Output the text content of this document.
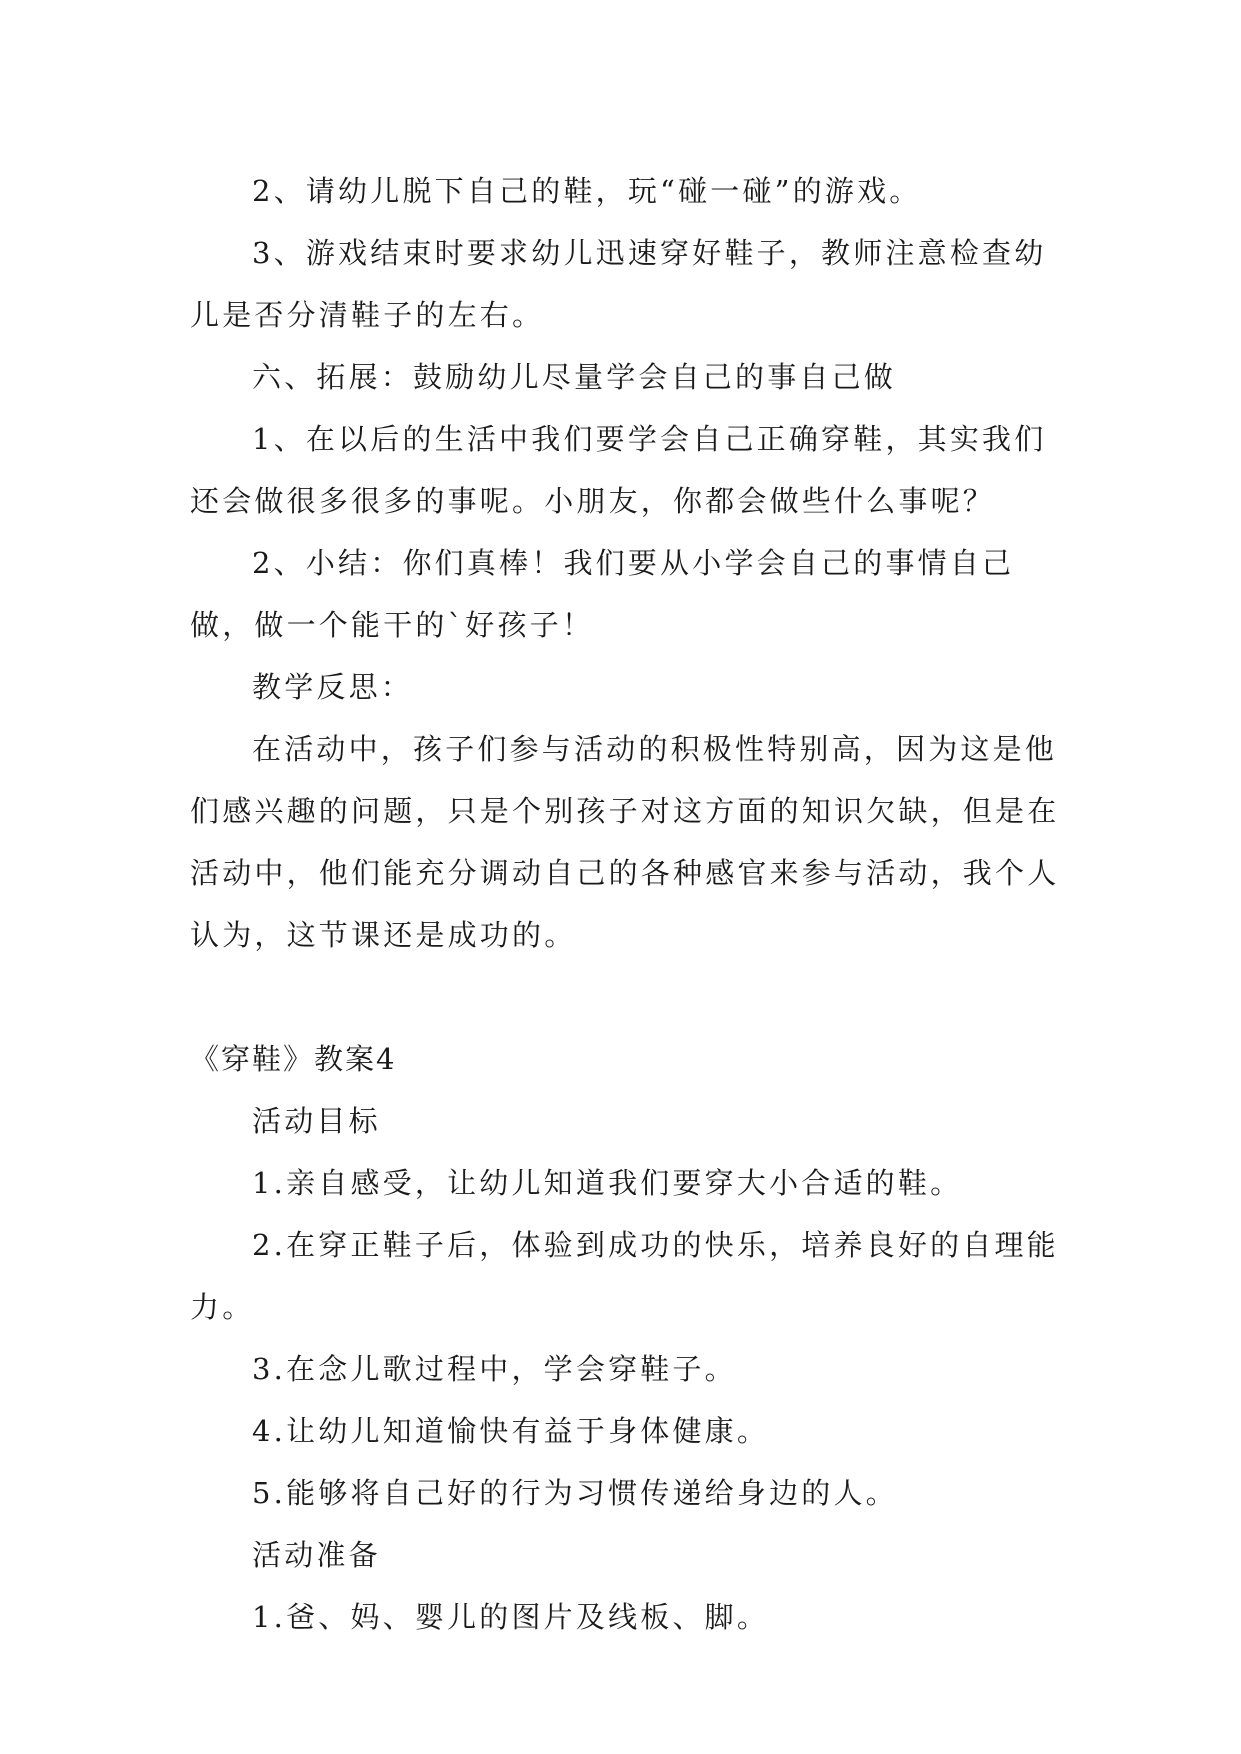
2、请幼儿脱下自己的鞋，玩“碰一碰”的游戏。

3、游戏结束时要求幼儿迅速穿好鞋子，教师注意检查幼儿是否分清鞋子的左右。

六、拓展：鼓励幼儿尽量学会自己的事自己做

1、在以后的生活中我们要学会自己正确穿鞋，其实我们还会做很多很多的事呢。小朋友，你都会做些什么事呢？

2、小结：你们真棒！我们要从小学会自己的事情自己做，做一个能干的`好孩子！

教学反思：

在活动中，孩子们参与活动的积极性特别高，因为这是他们感兴趣的问题，只是个别孩子对这方面的知识欠缺，但是在活动中，他们能充分调动自己的各种感官来参与活动，我个人认为，这节课还是成功的。

《穿鞋》教案4

活动目标

1.亲自感受，让幼儿知道我们要穿大小合适的鞋。

2.在穿正鞋子后，体验到成功的快乐，培养良好的自理能力。

3.在念儿歌过程中，学会穿鞋子。

4.让幼儿知道愉快有益于身体健康。

5.能够将自己好的行为习惯传递给身边的人。

活动准备

1.爸、妈、婴儿的图片及线板、脚。
